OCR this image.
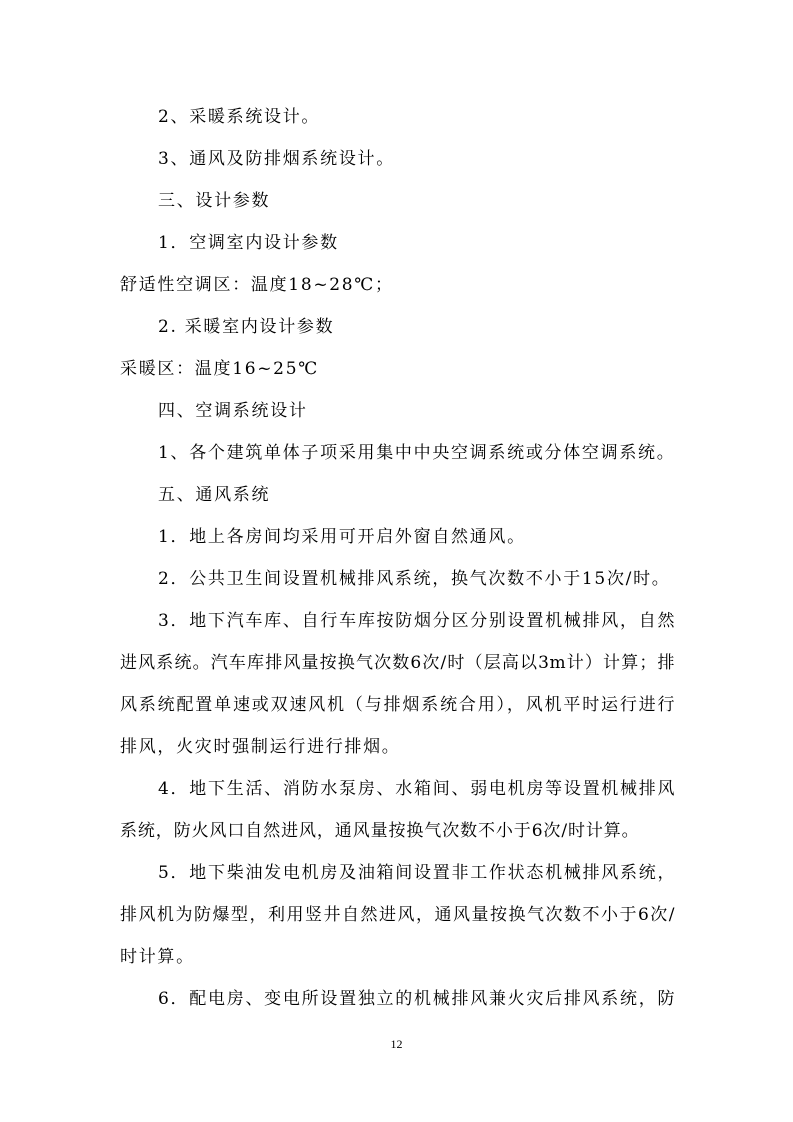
2、采暖系统设计。

3、通风及防排烟系统设计。

三、设计参数

1．空调室内设计参数

舒适性空调区：温度18~28℃；

2. 采暖室内设计参数

采暖区：温度16~25℃

四、空调系统设计

1、各个建筑单体子项采用集中中央空调系统或分体空调系统。

五、通风系统

1．地上各房间均采用可开启外窗自然通风。

2．公共卫生间设置机械排风系统，换气次数不小于15次/时。

3．地下汽车库、自行车库按防烟分区分别设置机械排风，自然

进风系统。汽车库排风量按换气次数6次/时（层高以3m计）计算；排

风系统配置单速或双速风机（与排烟系统合用），风机平时运行进行

排风，火灾时强制运行进行排烟。

4．地下生活、消防水泵房、水箱间、弱电机房等设置机械排风

系统，防火风口自然进风，通风量按换气次数不小于6次/时计算。

5．地下柴油发电机房及油箱间设置非工作状态机械排风系统，

排风机为防爆型，利用竖井自然进风，通风量按换气次数不小于6次/

时计算。

6．配电房、变电所设置独立的机械排风兼火灾后排风系统，防

12
